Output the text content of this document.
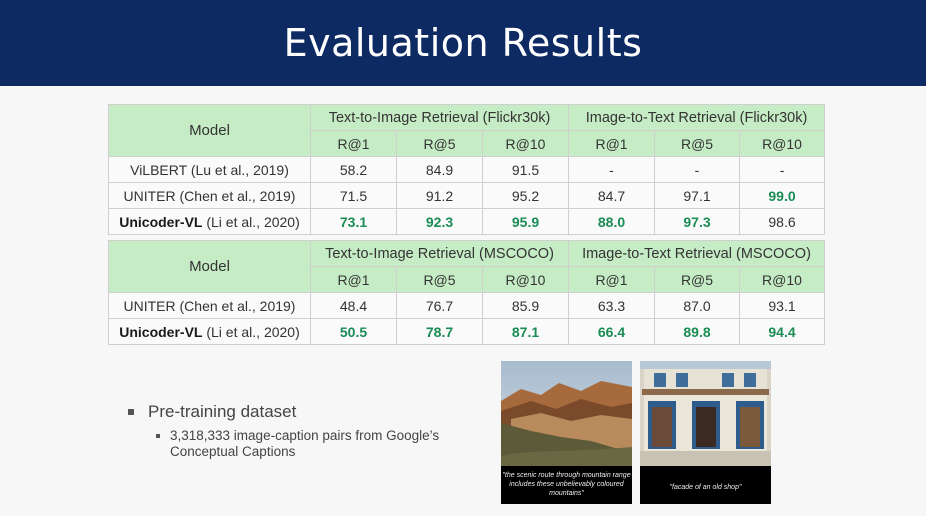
Evaluation Results
Model	Text-to-Image Retrieval (Flickr30k)			Image-to-Text Retrieval (Flickr30k)		
	R@1	R@5	R@10	R@1	R@5	R@10
ViLBERT (Lu et al., 2019)	58.2	84.9	91.5	-	-	-
UNITER (Chen et al., 2019)	71.5	91.2	95.2	84.7	97.1	99.0
Unicoder-VL (Li et al., 2020)	73.1	92.3	95.9	88.0	97.3	98.6
Model	Text-to-Image Retrieval (MSCOCO)			Image-to-Text Retrieval (MSCOCO)		
	R@1	R@5	R@10	R@1	R@5	R@10
UNITER (Chen et al., 2019)	48.4	76.7	85.9	63.3	87.0	93.1
Unicoder-VL (Li et al., 2020)	50.5	78.7	87.1	66.4	89.8	94.4
Pre-training dataset
3,318,333 image-caption pairs from Google’s Conceptual Captions
"the scenic route through mountain range includes these unbelievably coloured mountains"
"facade of an old shop"
